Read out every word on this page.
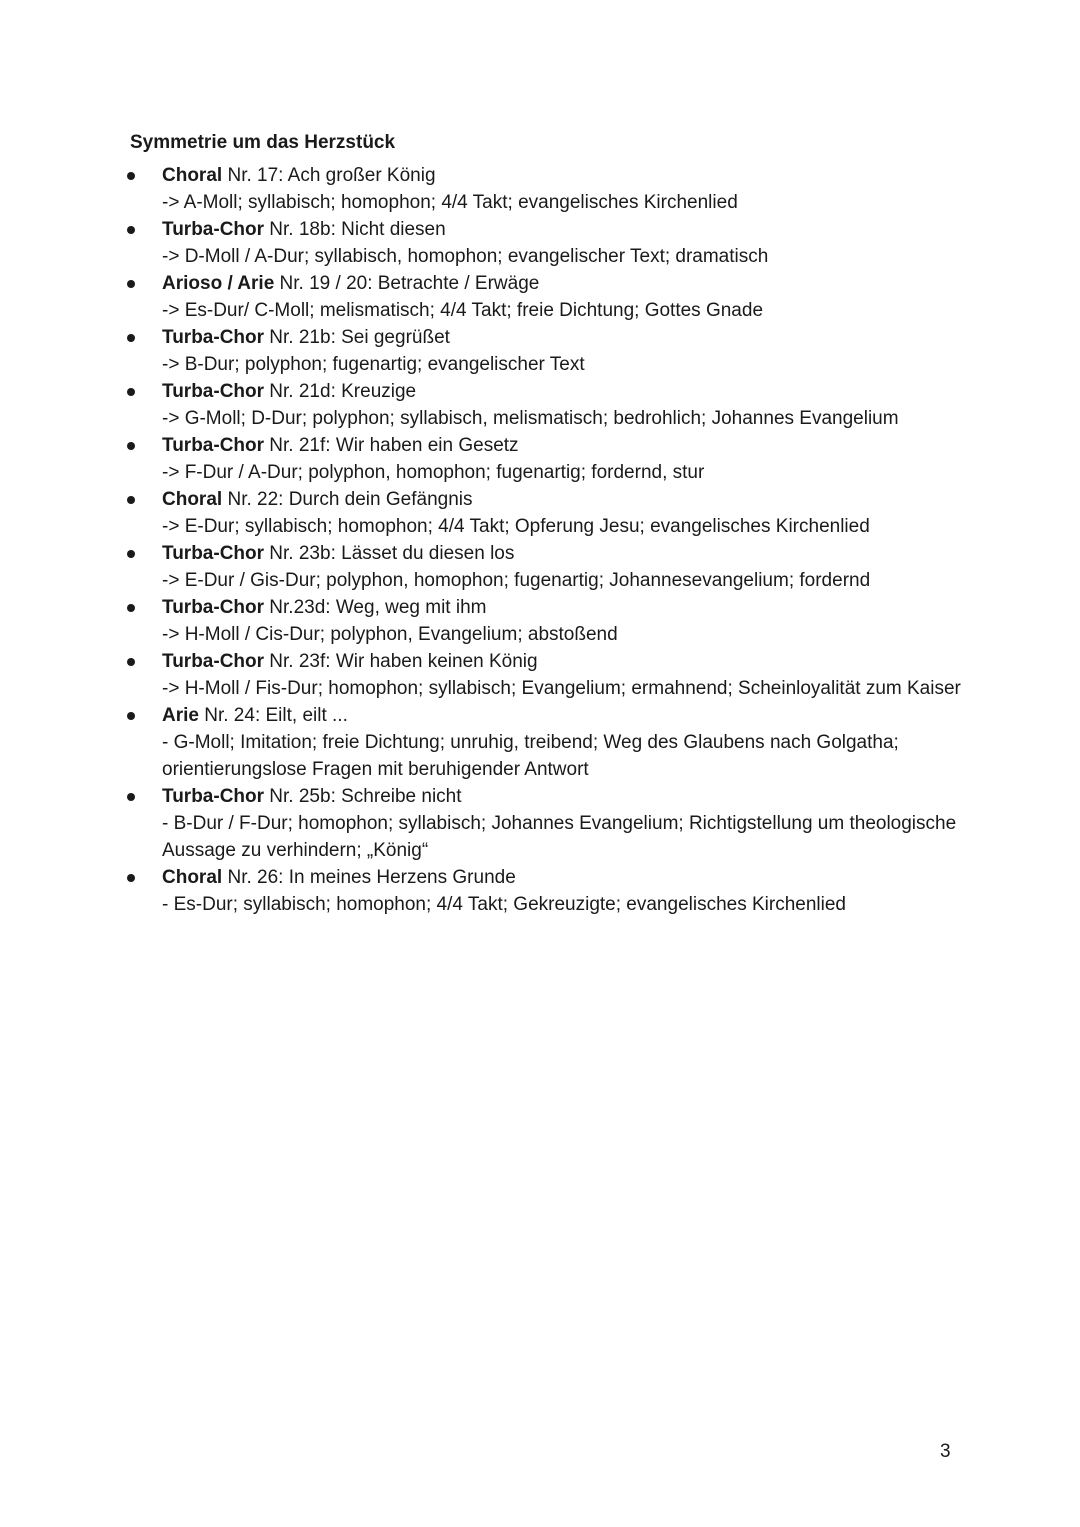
Symmetrie um das Herzstück
Choral Nr. 17: Ach großer König
-> A-Moll; syllabisch; homophon; 4/4 Takt; evangelisches Kirchenlied
Turba-Chor Nr. 18b: Nicht diesen
-> D-Moll / A-Dur; syllabisch, homophon; evangelischer Text; dramatisch
Arioso / Arie Nr. 19 / 20: Betrachte / Erwäge
-> Es-Dur/ C-Moll; melismatisch; 4/4 Takt; freie Dichtung; Gottes Gnade
Turba-Chor Nr. 21b: Sei gegrüßet
-> B-Dur; polyphon; fugenartig; evangelischer Text
Turba-Chor Nr. 21d: Kreuzige
-> G-Moll; D-Dur; polyphon; syllabisch, melismatisch; bedrohlich; Johannes Evangelium
Turba-Chor Nr. 21f: Wir haben ein Gesetz
-> F-Dur / A-Dur; polyphon, homophon; fugenartig; fordernd, stur
Choral Nr. 22: Durch dein Gefängnis
-> E-Dur; syllabisch; homophon; 4/4 Takt; Opferung Jesu; evangelisches Kirchenlied
Turba-Chor Nr. 23b: Lässet du diesen los
-> E-Dur / Gis-Dur; polyphon, homophon; fugenartig; Johannesevangelium; fordernd
Turba-Chor Nr.23d: Weg, weg mit ihm
-> H-Moll / Cis-Dur; polyphon, Evangelium; abstoßend
Turba-Chor Nr. 23f: Wir haben keinen König
-> H-Moll / Fis-Dur; homophon; syllabisch; Evangelium; ermahnend; Scheinloyalität zum Kaiser
Arie Nr. 24: Eilt, eilt ...
- G-Moll; Imitation; freie Dichtung; unruhig, treibend; Weg des Glaubens nach Golgatha; orientierungslose Fragen mit beruhigender Antwort
Turba-Chor Nr. 25b: Schreibe nicht
- B-Dur / F-Dur; homophon; syllabisch; Johannes Evangelium; Richtigstellung um theologische Aussage zu verhindern; „König“
Choral Nr. 26: In meines Herzens Grunde
- Es-Dur; syllabisch; homophon; 4/4 Takt; Gekreuzigte; evangelisches Kirchenlied
3
